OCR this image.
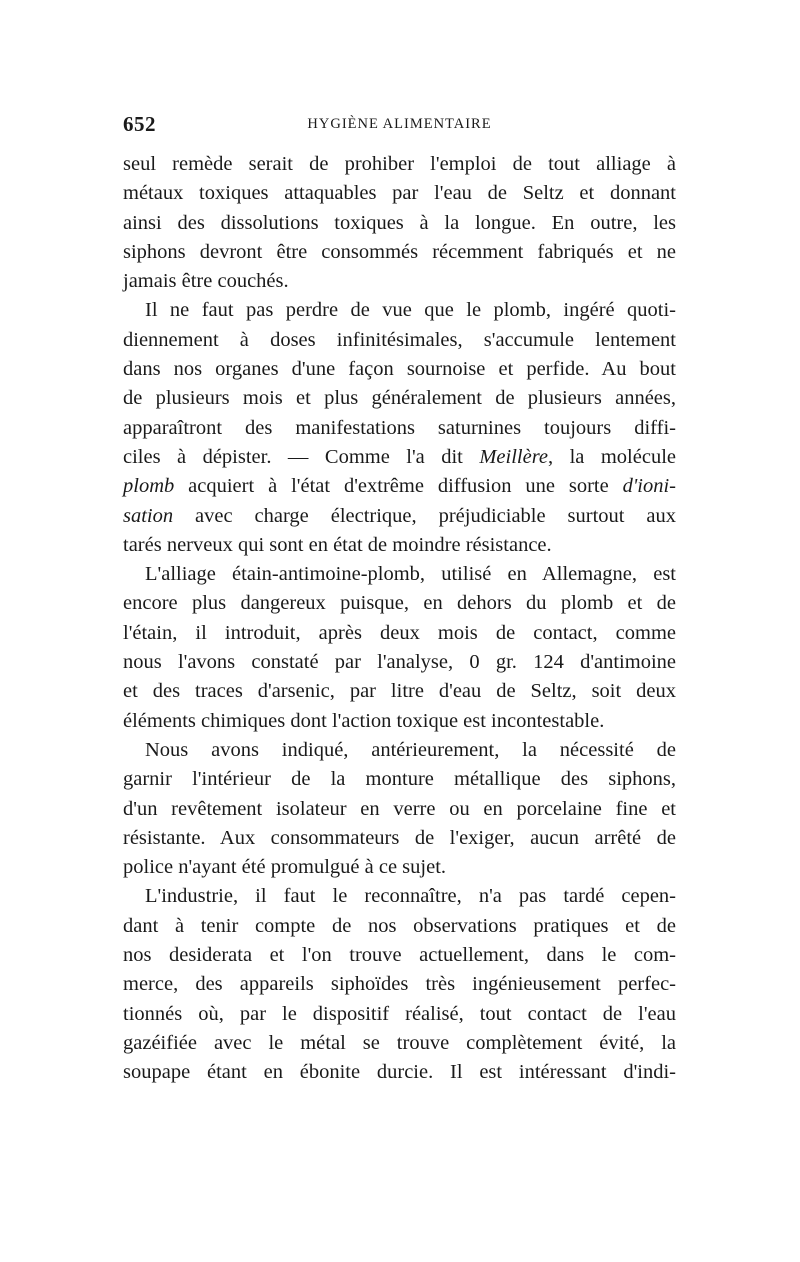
652	HYGIÈNE ALIMENTAIRE
seul remède serait de prohiber l'emploi de tout alliage à
métaux toxiques attaquables par l'eau de Seltz et donnant
ainsi des dissolutions toxiques à la longue. En outre, les
siphons devront être consommés récemment fabriqués et ne
jamais être couchés.
Il ne faut pas perdre de vue que le plomb, ingéré quoti-
diennement à doses infinitésimales, s'accumule lentement
dans nos organes d'une façon sournoise et perfide. Au bout
de plusieurs mois et plus généralement de plusieurs années,
apparaîtront des manifestations saturnines toujours diffi-
ciles à dépister. — Comme l'a dit Meillère, la molécule
plomb acquiert à l'état d'extrême diffusion une sorte d'ioni-
sation avec charge électrique, préjudiciable surtout aux
tarés nerveux qui sont en état de moindre résistance.
L'alliage étain-antimoine-plomb, utilisé en Allemagne, est
encore plus dangereux puisque, en dehors du plomb et de
l'étain, il introduit, après deux mois de contact, comme
nous l'avons constaté par l'analyse, 0 gr. 124 d'antimoine
et des traces d'arsenic, par litre d'eau de Seltz, soit deux
éléments chimiques dont l'action toxique est incontestable.
Nous avons indiqué, antérieurement, la nécessité de
garnir l'intérieur de la monture métallique des siphons,
d'un revêtement isolateur en verre ou en porcelaine fine et
résistante. Aux consommateurs de l'exiger, aucun arrêté de
police n'ayant été promulgué à ce sujet.
L'industrie, il faut le reconnaître, n'a pas tardé cepen-
dant à tenir compte de nos observations pratiques et de
nos desiderata et l'on trouve actuellement, dans le com-
merce, des appareils siphoïdes très ingénieusement perfec-
tionnés où, par le dispositif réalisé, tout contact de l'eau
gazéifiée avec le métal se trouve complètement évité, la
soupape étant en ébonite durcie. Il est intéressant d'indi-
